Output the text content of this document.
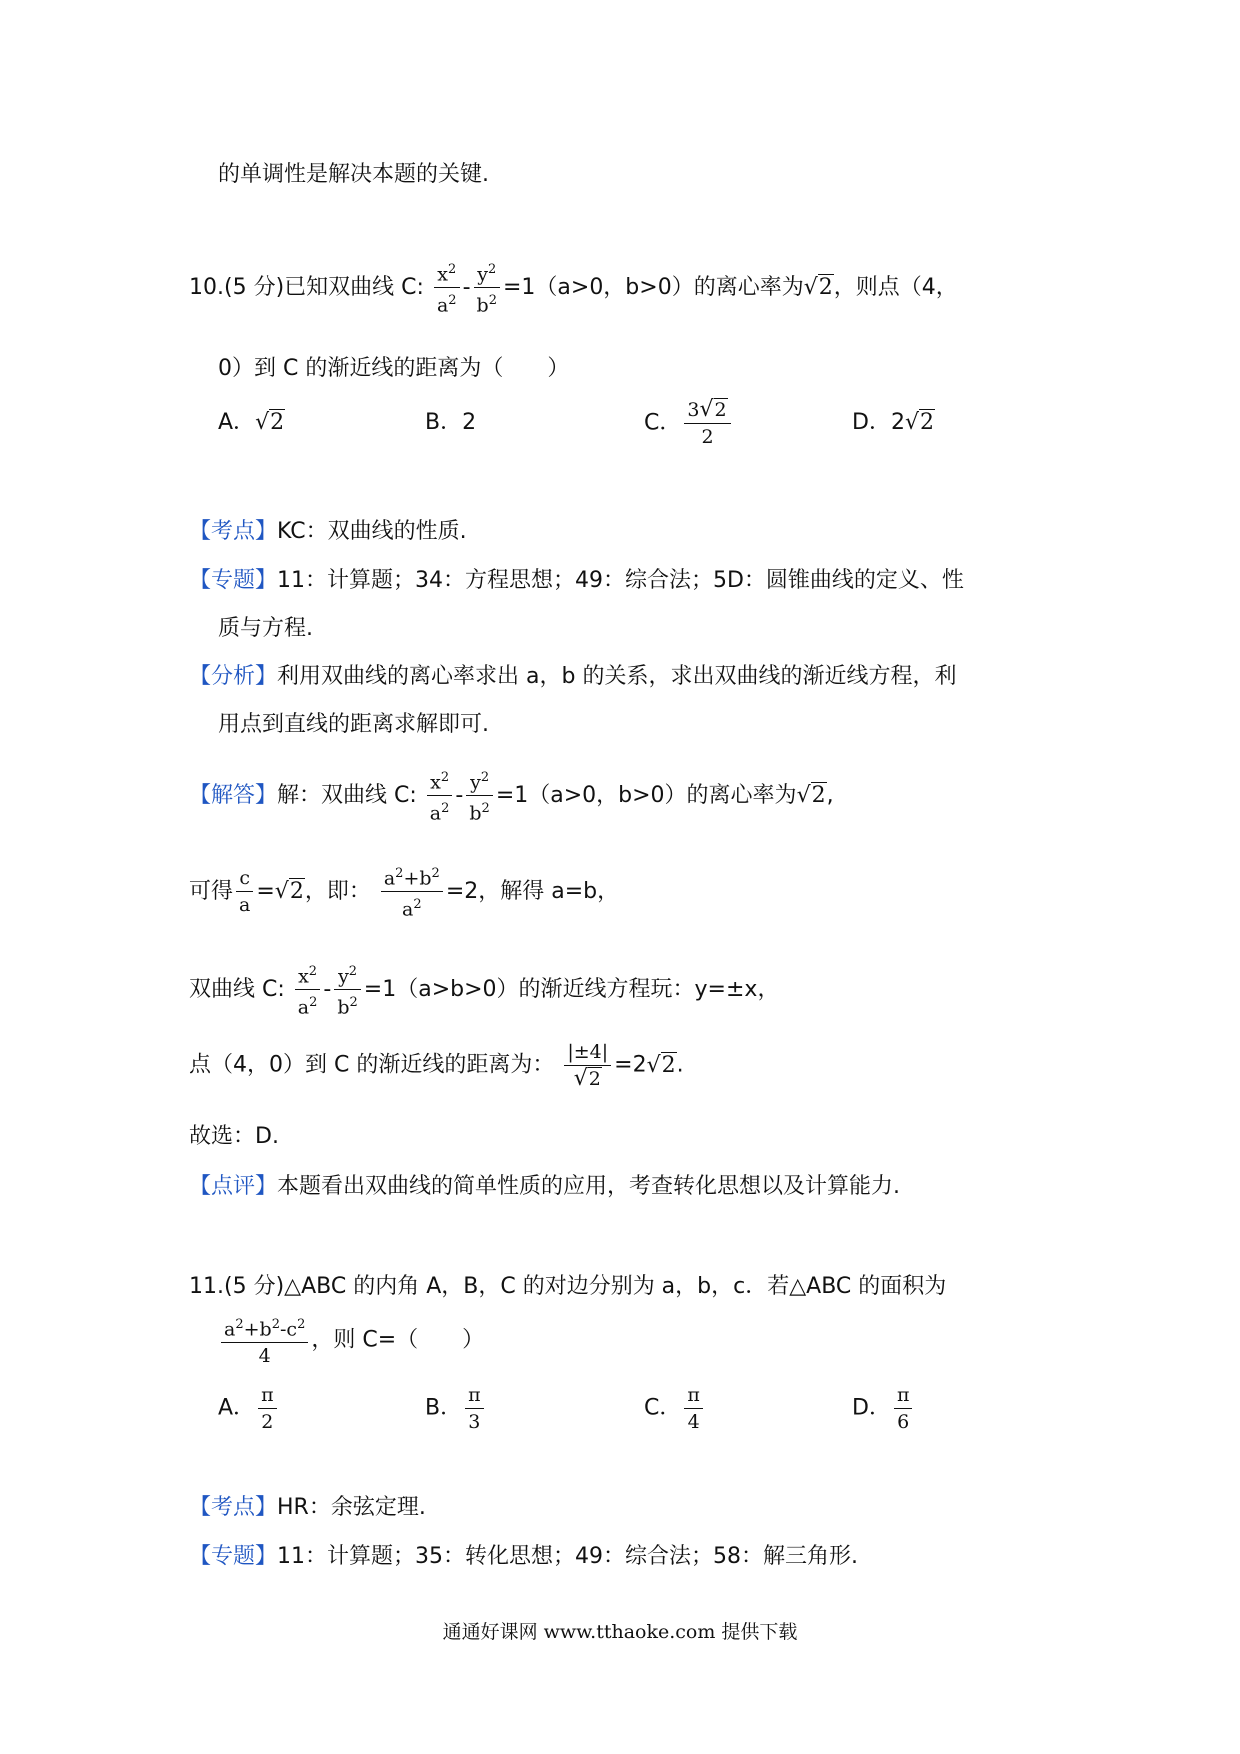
的单调性是解决本题的关键.
10.(5 分)已知双曲线 C: $\frac{x^2}{a^2} - \frac{y^2}{b^2} =1(a>0$，b>0）的离心率为√2，则点（4，
0）到 C 的渐近线的距离为（　　）
A．√2	B．2	C． $\frac{3√2}{2}$	D．2√2
【考点】KC：双曲线的性质.
【专题】11：计算题；34：方程思想；49：综合法；5D：圆锥曲线的定义、性
质与方程.
【分析】利用双曲线的离心率求出 a，b 的关系，求出双曲线的渐近线方程，利
用点到直线的距离求解即可.
【解答】解：双曲线 C: $\frac{x^2}{a^2} - \frac{y^2}{b^2} =1(a>0$，b>0）的离心率为√2,
可得 $\frac{c}{a} =√2$，即： $\frac{a^2+b^2}{a^2} =2$，解得 a=b，
双曲线 C: $\frac{x^2}{a^2} - \frac{y^2}{b^2} =1(a>b>0)$的渐近线方程玩：y=±x，
点（4，0）到 C 的渐近线的距离为： $\frac{|\pm 4|}{√2} =2√2$.
故选：D.
【点评】本题看出双曲线的简单性质的应用，考查转化思想以及计算能力.
11.(5 分)△ABC 的内角 A，B，C 的对边分别为 a，b，c．若△ABC 的面积为
$\frac{a^2+b^2-c^2}{4}$ ，则 C=（　　）
A． $\frac{\pi}{2}$	B． $\frac{\pi}{3}$	C． $\frac{\pi}{4}$	D． $\frac{\pi}{6}$
【考点】HR：余弦定理.
【专题】11：计算题；35：转化思想；49：综合法；58：解三角形.
通通好课网 www.tthaoke.com 提供下载
